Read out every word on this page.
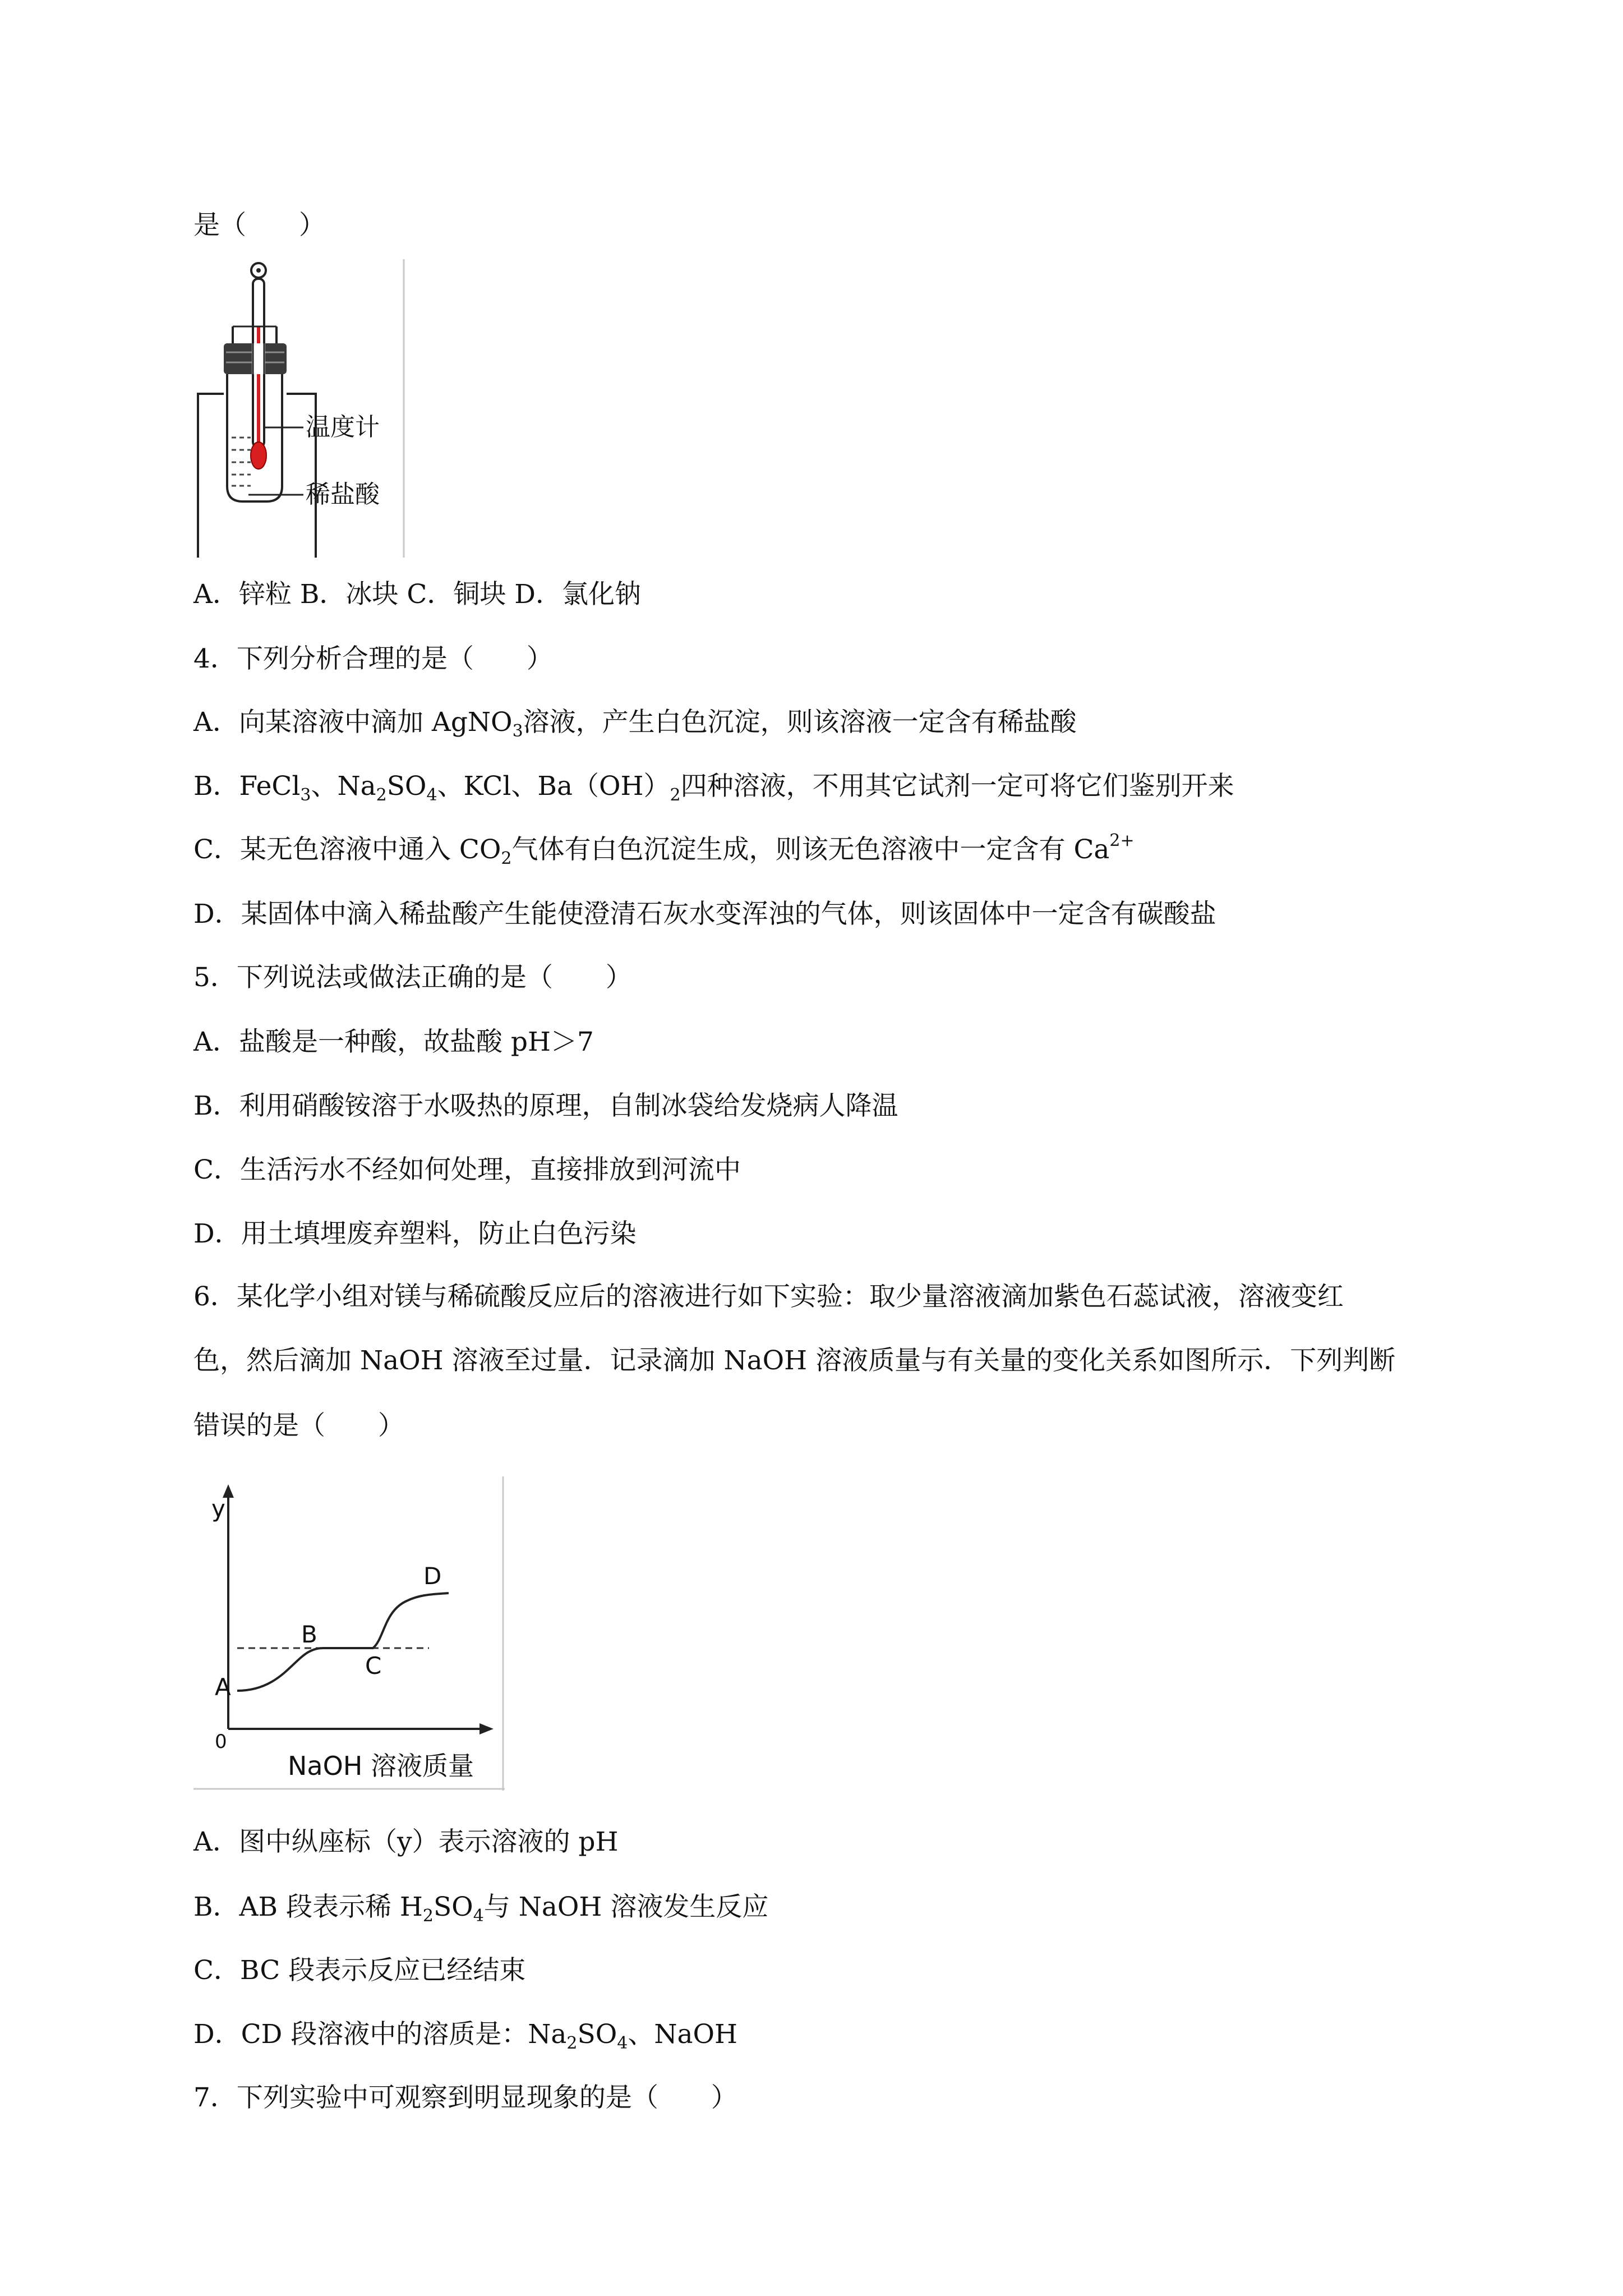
是（　　）
温度计
稀盐酸
A．锌粒 B．冰块 C．铜块 D．氯化钠
4．下列分析合理的是（　　）
A．向某溶液中滴加 AgNO$_3$溶液，产生白色沉淀，则该溶液一定含有稀盐酸
B．FeCl$_3$、$Na_2SO_4$、KCl、$Ba(OH)_2$四种溶液，不用其它试剂一定可将它们鉴别开来
C．某无色溶液中通入 $CO_2$气体有白色沉淀生成，则该无色溶液中一定含有 $Ca^{2+}$
D．某固体中滴入稀盐酸产生能使澄清石灰水变浑浊的气体，则该固体中一定含有碳酸盐
5．下列说法或做法正确的是（　　）
A．盐酸是一种酸，故盐酸 pH＞7
B．利用硝酸铵溶于水吸热的原理，自制冰袋给发烧病人降温
C．生活污水不经如何处理，直接排放到河流中
D．用土填埋废弃塑料，防止白色污染
6．某化学小组对镁与稀硫酸反应后的溶液进行如下实验：取少量溶液滴加紫色石蕊试液，溶液变红
色，然后滴加 NaOH 溶液至过量．记录滴加 NaOH 溶液质量与有关量的变化关系如图所示．下列判断
错误的是（　　）
y
A
B
C
D
0
NaOH 溶液质量
A．图中纵座标（y）表示溶液的 pH
B．AB 段表示稀 $H_2SO_4$与 NaOH 溶液发生反应
C．BC 段表示反应已经结束
D．CD 段溶液中的溶质是：$Na_2SO_4$、NaOH
7．下列实验中可观察到明显现象的是（　　）
